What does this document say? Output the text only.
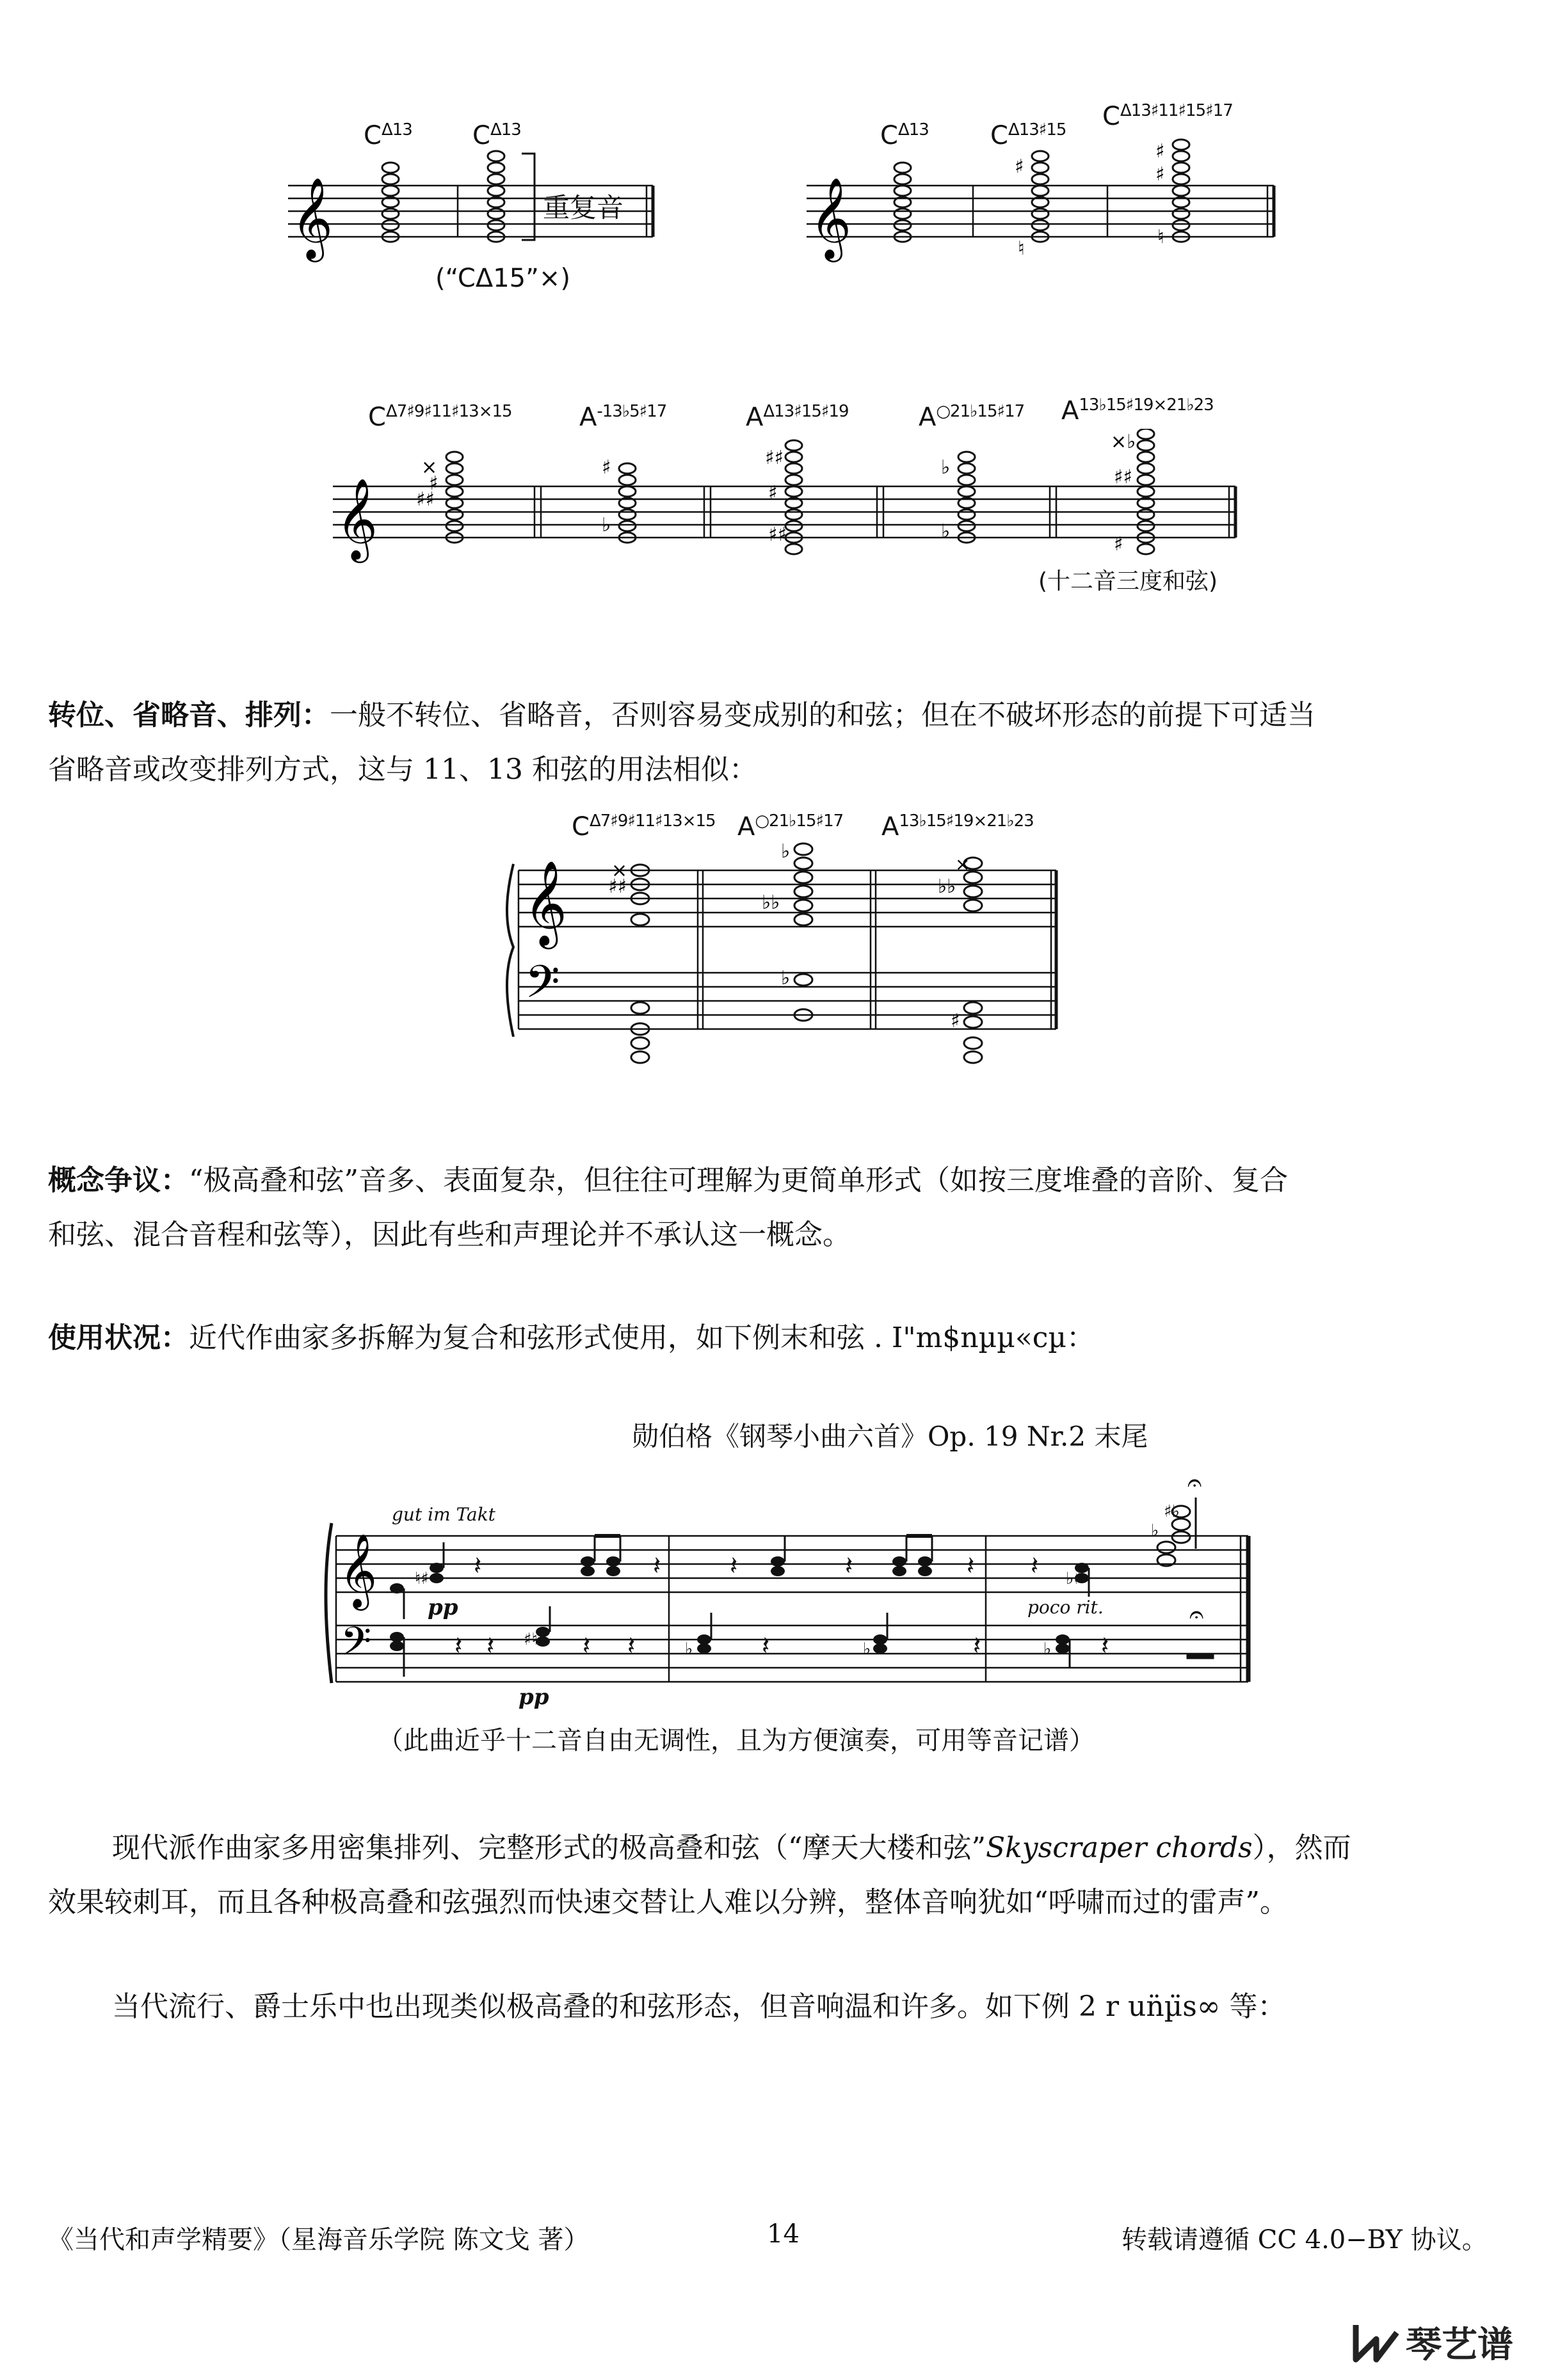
$C^{\Delta 13}$ $C^{\Delta 13}$	$C^{\Delta 13}$ $C^{\Delta 13♯15}$ $C^{\Delta 13♯11♯15♯17}$
𝄞	重复音
(“CΔ15”×)
𝄞
♯
♮
♯
♯
♮
$C^{\Delta 7♯9♯11♯13\times 15}$	$A^{-13♭5♯17}$	$A^{\Delta 13♯15♯19}$	$A^{○21♭15♯17}$ $A^{13♭15♯19\times 21♭23}$
𝄞
×
♯
♯♯
♯
♭
♯♯
♯
♯♯
♭
♭
×♭
♯♯
♯
(十二音三度和弦)
转位、省略音、排列：一般不转位、省略音，否则容易变成别的和弦；但在不破坏形态的前提下可适当
省略音或改变排列方式，这与 11、13 和弦的用法相似：
$C^{\Delta 7♯9♯11♯13\times 15}$ $A^{○21♭15♯17}$ $A^{13♭15♯19\times 21♭23}$
𝄞
𝄢
×
♯♯
♭♭
♭
♭
♭♭
×
♯
概念争议：“极高叠和弦”音多、表面复杂，但往往可理解为更简单形式（如按三度堆叠的音阶、复合
和弦、混合音程和弦等），因此有些和声理论并不承认这一概念。
使用状况：近代作曲家多拆解为复合和弦形式使用，如下例末和弦 . I"m$nµµ«cµ：
勋伯格《钢琴小曲六首》Op. 19 Nr.2 末尾
𝄞
𝄢
𝄽	𝄽	𝄽	𝄽	𝄽 𝄽
𝄽 𝄽	𝄽 𝄽	𝄽	𝄽	𝄽
♮♯	♭♯
♭
♯♭
♯♮	♭	♭	♭
𝄐
𝄐
gut im Takt
pp
pp
poco rit.
（此曲近乎十二音自由无调性，且为方便演奏，可用等音记谱）
现代派作曲家多用密集排列、完整形式的极高叠和弦（“摩天大楼和弦”Skyscraper chords），然而
效果较刺耳，而且各种极高叠和弦强烈而快速交替让人难以分辨，整体音响犹如“呼啸而过的雷声”。
当代流行、爵士乐中也出现类似极高叠的和弦形态，但音响温和许多。如下例 2 r un̈µ̈s∞ 等：
《当代和声学精要》（星海音乐学院 陈文戈 著）	14	转载请遵循 CC 4.0−BY 协议。
琴艺谱
